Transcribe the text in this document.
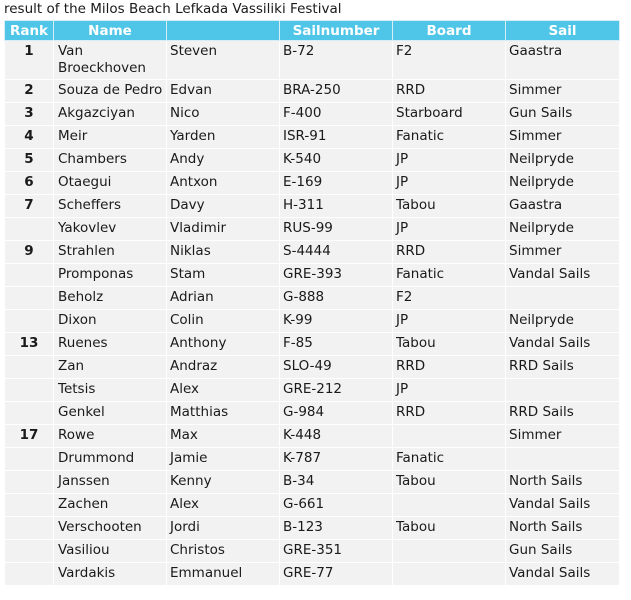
result of the Milos Beach Lefkada Vassiliki Festival
Rank	Name		Sailnumber	Board	Sail
1	Van Broeckhoven	Steven	B-72	F2	Gaastra
2	Souza de Pedro	Edvan	BRA-250	RRD	Simmer
3	Akgazciyan	Nico	F-400	Starboard	Gun Sails
4	Meir	Yarden	ISR-91	Fanatic	Simmer
5	Chambers	Andy	K-540	JP	Neilpryde
6	Otaegui	Antxon	E-169	JP	Neilpryde
7	Scheffers	Davy	H-311	Tabou	Gaastra
	Yakovlev	Vladimir	RUS-99	JP	Neilpryde
9	Strahlen	Niklas	S-4444	RRD	Simmer
	Promponas	Stam	GRE-393	Fanatic	Vandal Sails
	Beholz	Adrian	G-888	F2	
	Dixon	Colin	K-99	JP	Neilpryde
13	Ruenes	Anthony	F-85	Tabou	Vandal Sails
	Zan	Andraz	SLO-49	RRD	RRD Sails
	Tetsis	Alex	GRE-212	JP	
	Genkel	Matthias	G-984	RRD	RRD Sails
17	Rowe	Max	K-448		Simmer
	Drummond	Jamie	K-787	Fanatic	
	Janssen	Kenny	B-34	Tabou	North Sails
	Zachen	Alex	G-661		Vandal Sails
	Verschooten	Jordi	B-123	Tabou	North Sails
	Vasiliou	Christos	GRE-351		Gun Sails
	Vardakis	Emmanuel	GRE-77		Vandal Sails
